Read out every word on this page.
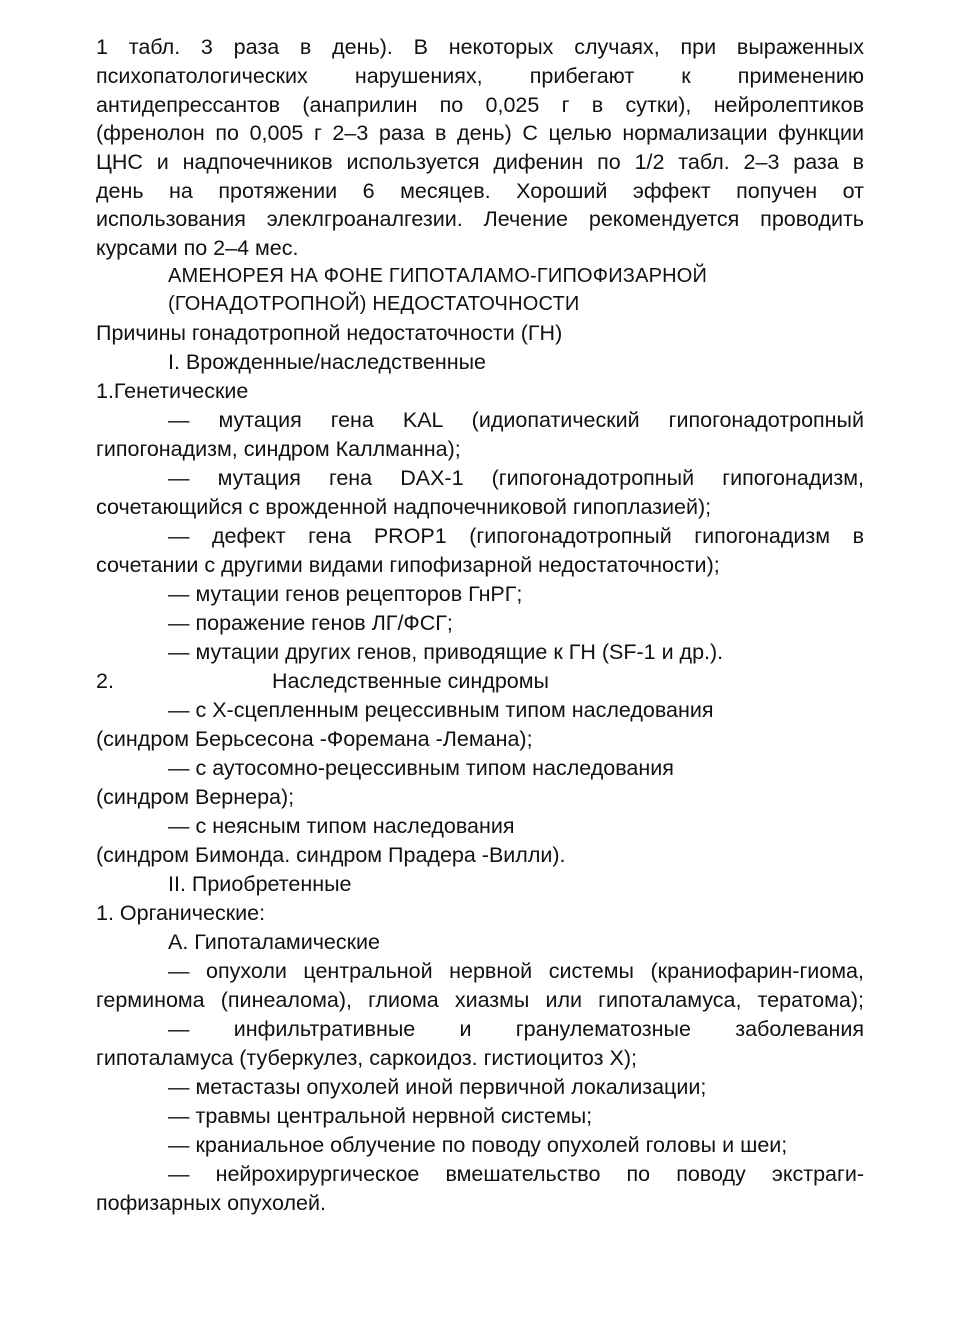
1 табл. 3 раза в день). В некоторых случаях, при выраженных
психопатологических нарушениях, прибегают к применению
антидепрессантов (анаприлин по 0,025 г в сутки), нейролептиков
(френолон по 0,005 г 2–3 раза в день) С целью нормализации функции
ЦНС и надпочечников используется дифенин по 1/2 табл. 2–3 раза в
день на протяжении 6 месяцев. Хороший эффект попучен от
использования элеклгроаналгезии. Лечение рекомендуется проводить
курсами по 2–4 мес.
АМЕНОРЕЯ НА ФОНЕ ГИПОТАЛАМО-ГИПОФИЗАРНОЙ
(ГОНАДОТРОПНОЙ) НЕДОСТАТОЧНОСТИ
Причины гонадотропной недостаточности (ГН)
I. Врожденные/наследственные
1.Генетические
— мутация гена KAL (идиопатический гипогонадотропный
гипогонадизм, синдром Каллманна);
— мутация гена DAX-1 (гипогонадотропный гипогонадизм,
сочетающийся с врожденной надпочечниковой гипоплазией);
— дефект гена PROP1 (гипогонадотропный гипогонадизм в
сочетании с другими видами гипофизарной недостаточности);
— мутации генов рецепторов ГнРГ;
— поражение генов ЛГ/ФСГ;
— мутации других генов, приводящие к ГН (SF-1 и др.).
2.	Наследственные синдромы
— с X-сцепленным рецессивным типом наследования
(синдром Берьсесона -Форемана -Лемана);
— с аутосомно-рецессивным типом наследования
(синдром Вернера);
— с неясным типом наследования
(синдром Бимонда. синдром Прадера -Вилли).
II. Приобретенные
1. Органические:
А. Гипоталамические
— опухоли центральной нервной системы (краниофарин-гиома,
герминома (пинеалома), глиома хиазмы или гипоталамуса, тератома);
— инфильтративные и гранулематозные заболевания
гипоталамуса (туберкулез, саркоидоз. гистиоцитоз X);
— метастазы опухолей иной первичной локализации;
— травмы центральной нервной системы;
— краниальное облучение по поводу опухолей головы и шеи;
— нейрохирургическое вмешательство по поводу экстраги-
пофизарных опухолей.
